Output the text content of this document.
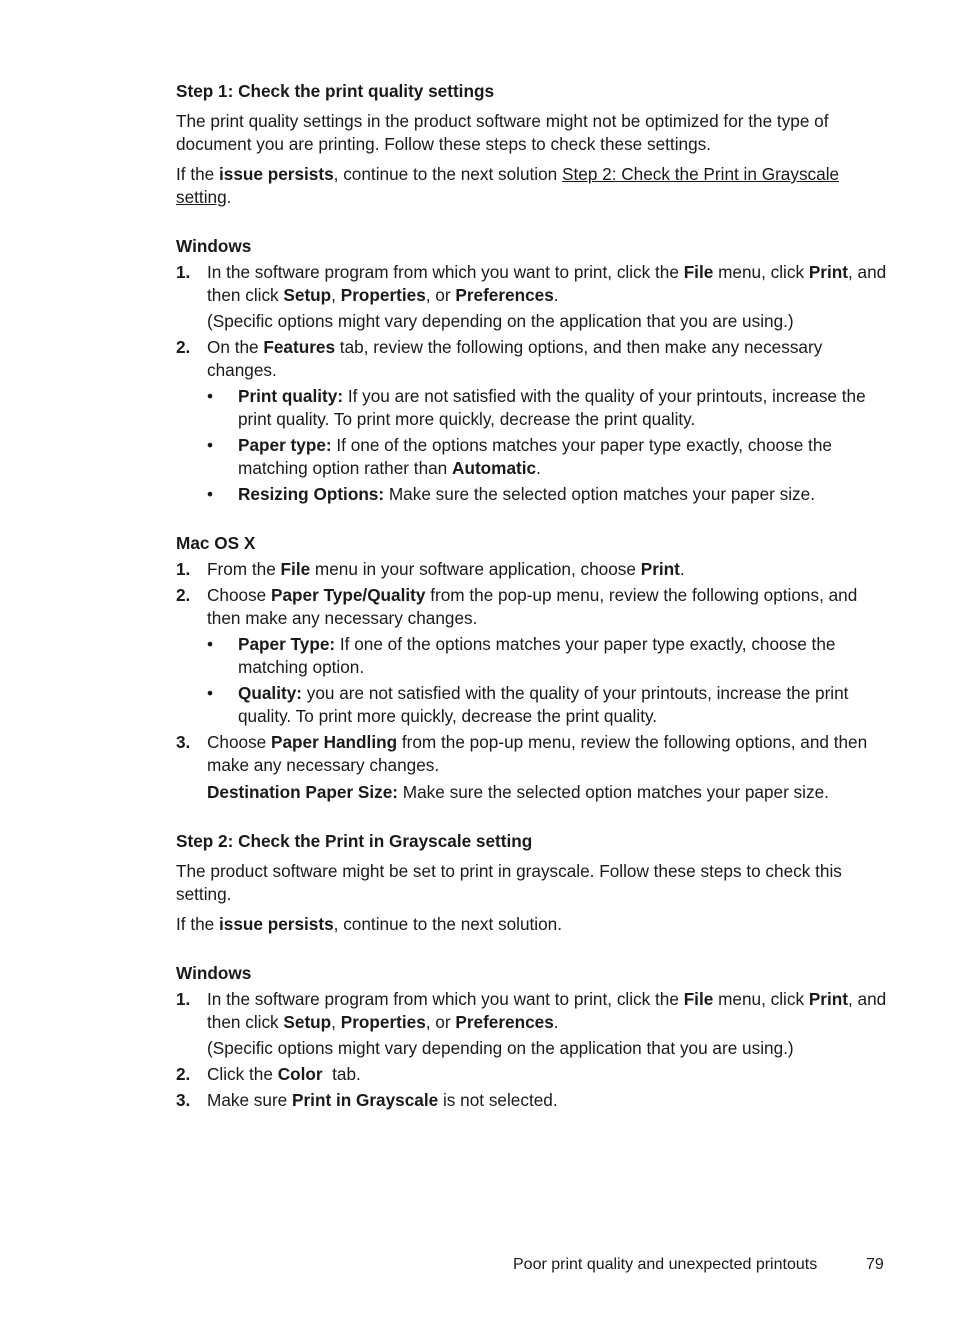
Step 1: Check the print quality settings

The print quality settings in the product software might not be optimized for the type of document you are printing. Follow these steps to check these settings.

If the issue persists, continue to the next solution Step 2: Check the Print in Grayscale setting.

Windows
1. In the software program from which you want to print, click the File menu, click Print, and then click Setup, Properties, or Preferences.

(Specific options might vary depending on the application that you are using.)

2. On the Features tab, review the following options, and then make any necessary changes.

• Print quality: If you are not satisfied with the quality of your printouts, increase the print quality. To print more quickly, decrease the print quality.

• Paper type: If one of the options matches your paper type exactly, choose the matching option rather than Automatic.

• Resizing Options: Make sure the selected option matches your paper size.

Mac OS X
1. From the File menu in your software application, choose Print.

2. Choose Paper Type/Quality from the pop-up menu, review the following options, and then make any necessary changes.

• Paper Type: If one of the options matches your paper type exactly, choose the matching option.

• Quality: you are not satisfied with the quality of your printouts, increase the print quality. To print more quickly, decrease the print quality.

3. Choose Paper Handling from the pop-up menu, review the following options, and then make any necessary changes.

Destination Paper Size: Make sure the selected option matches your paper size.

Step 2: Check the Print in Grayscale setting

The product software might be set to print in grayscale. Follow these steps to check this setting.

If the issue persists, continue to the next solution.

Windows
1. In the software program from which you want to print, click the File menu, click Print, and then click Setup, Properties, or Preferences.

(Specific options might vary depending on the application that you are using.)

2. Click the Color  tab.

3. Make sure Print in Grayscale is not selected.

Poor print quality and unexpected printouts	79
